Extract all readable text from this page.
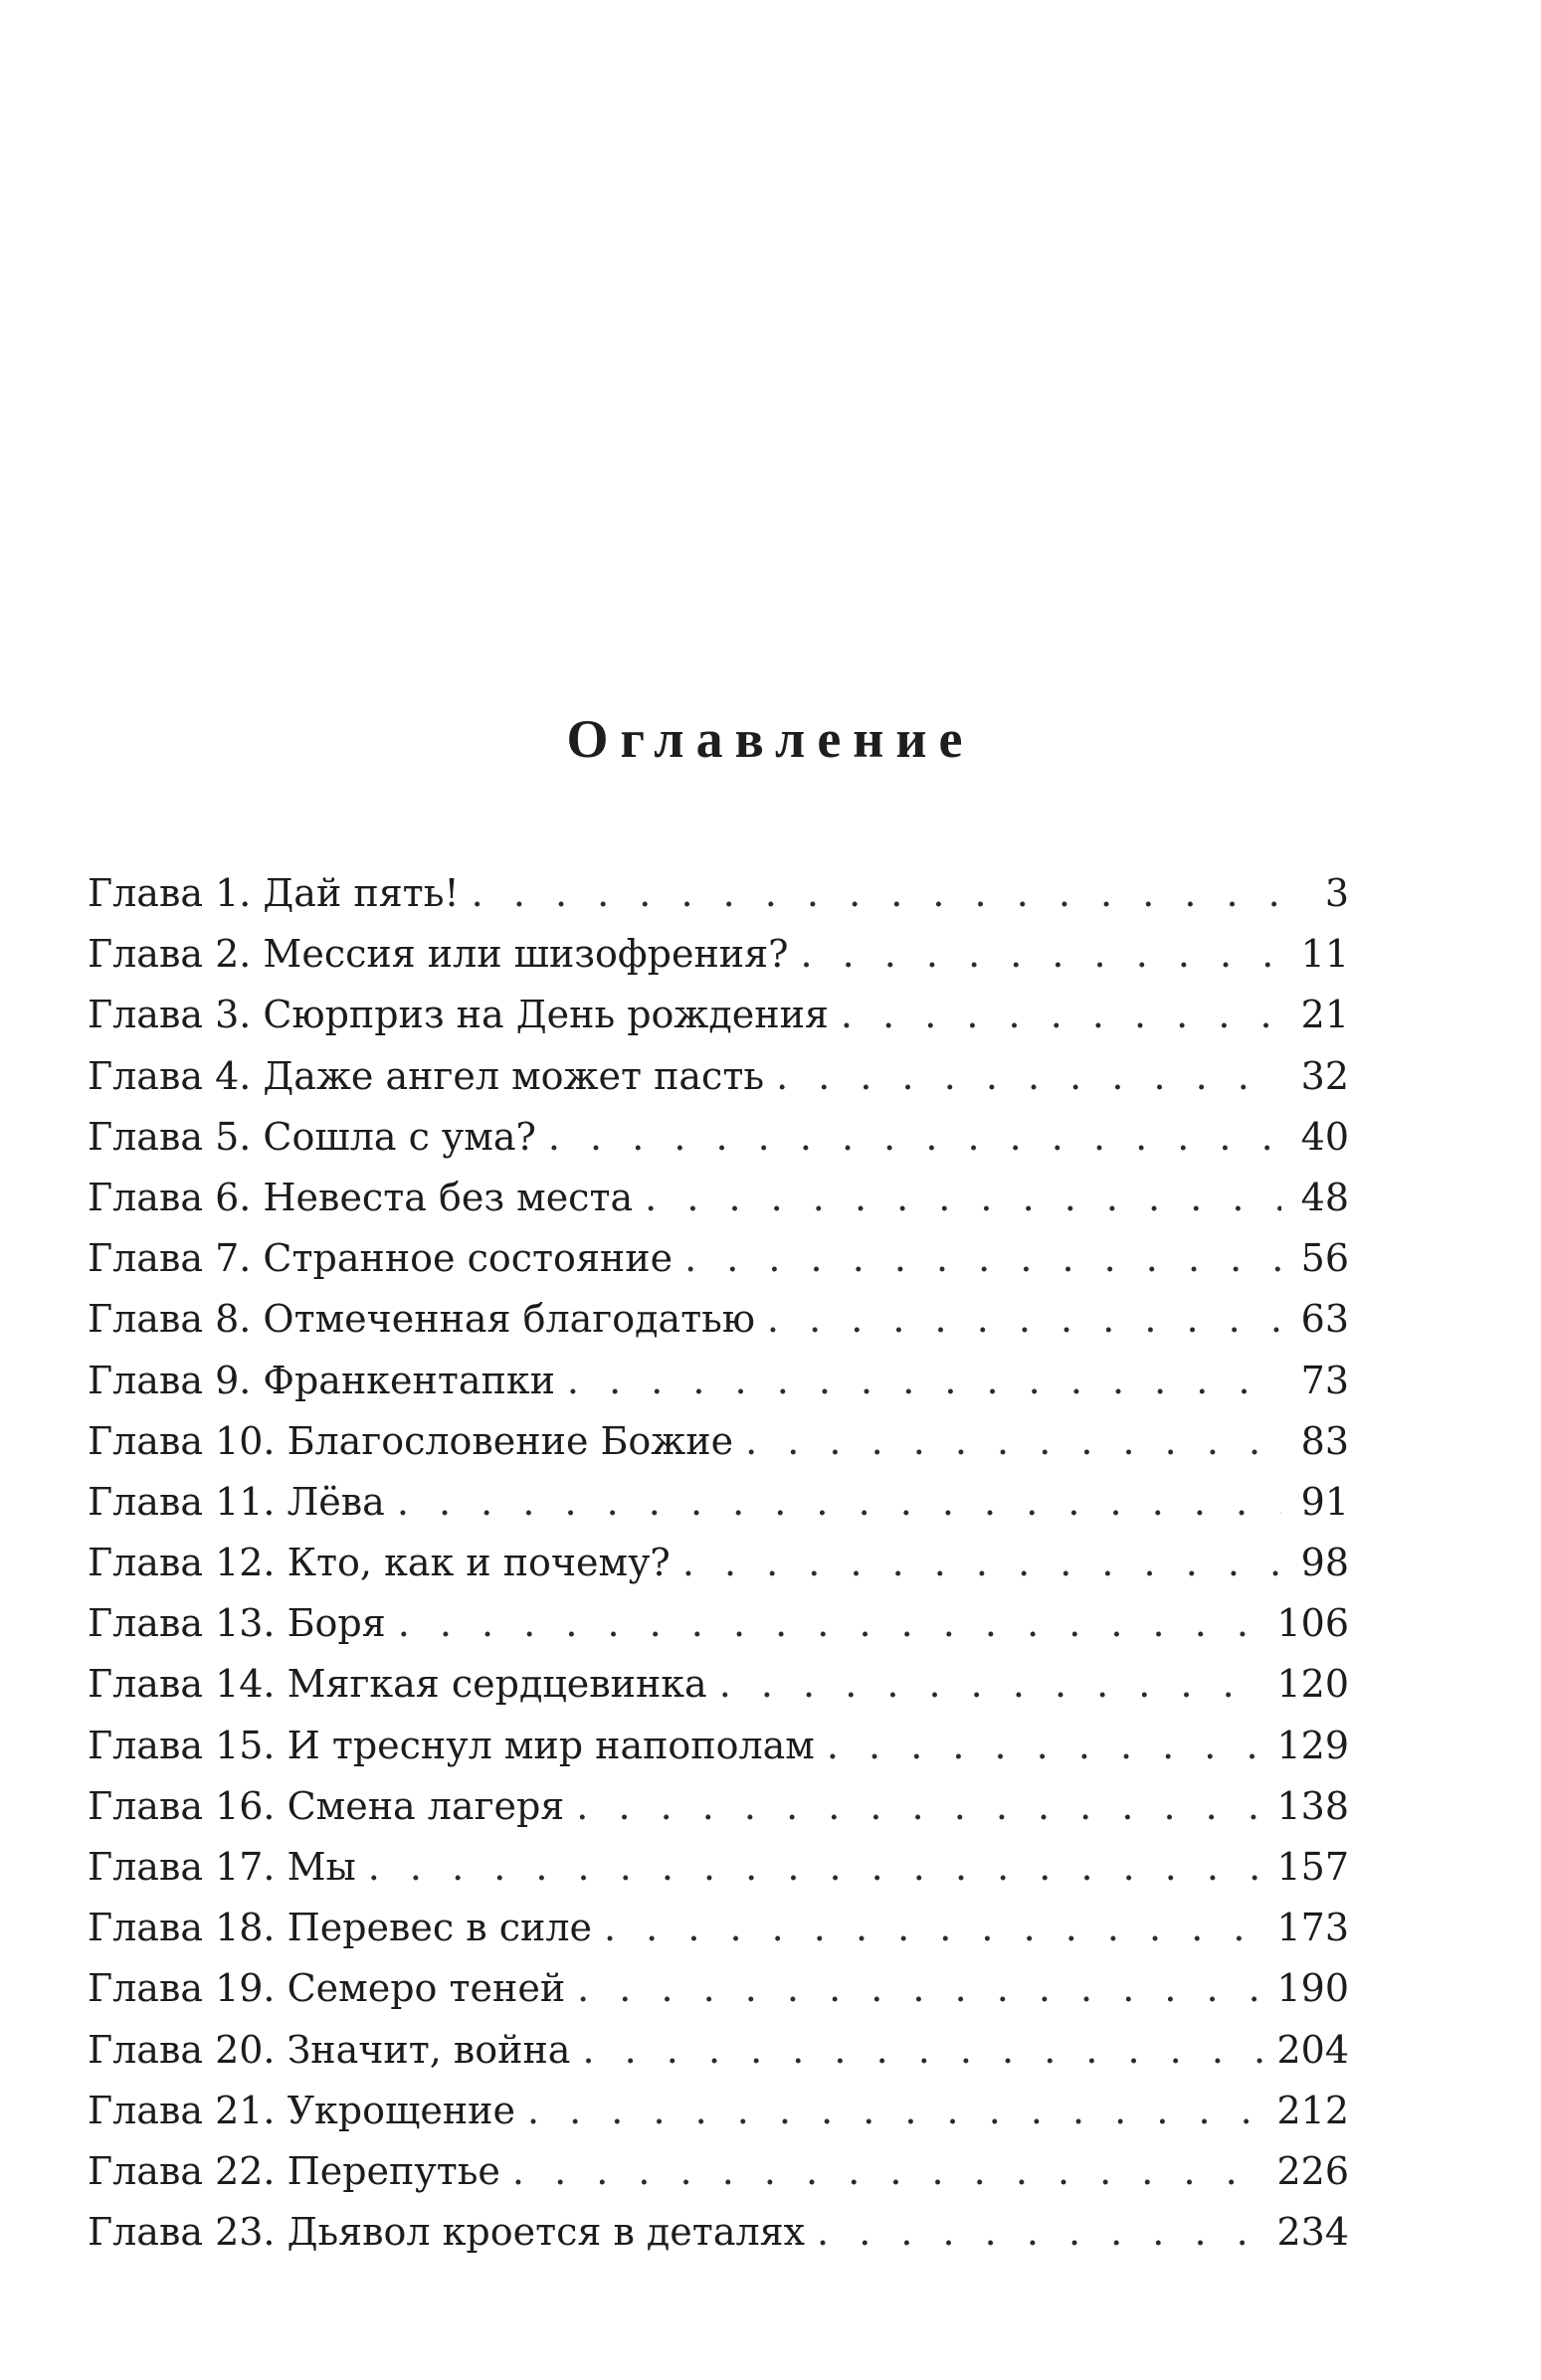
Оглавление
Глава 1. Дай пять! . . .	3
Глава 2. Мессия или шизофрения? . . .	11
Глава 3. Сюрприз на День рождения . . .	21
Глава 4. Даже ангел может пасть . . .	32
Глава 5. Сошла с ума? . . .	40
Глава 6. Невеста без места . . .	48
Глава 7. Странное состояние . . .	56
Глава 8. Отмеченная благодатью . . .	63
Глава 9. Франкентапки . . .	73
Глава 10. Благословение Божие . . .	83
Глава 11. Лёва . . .	91
Глава 12. Кто, как и почему? . . .	98
Глава 13. Боря . . .	106
Глава 14. Мягкая сердцевинка . . .	120
Глава 15. И треснул мир напополам . . .	129
Глава 16. Смена лагеря . . .	138
Глава 17. Мы . . .	157
Глава 18. Перевес в силе . . .	173
Глава 19. Семеро теней . . .	190
Глава 20. Значит, война . . .	204
Глава 21. Укрощение . . .	212
Глава 22. Перепутье . . .	226
Глава 23. Дьявол кроется в деталях . . .	234
